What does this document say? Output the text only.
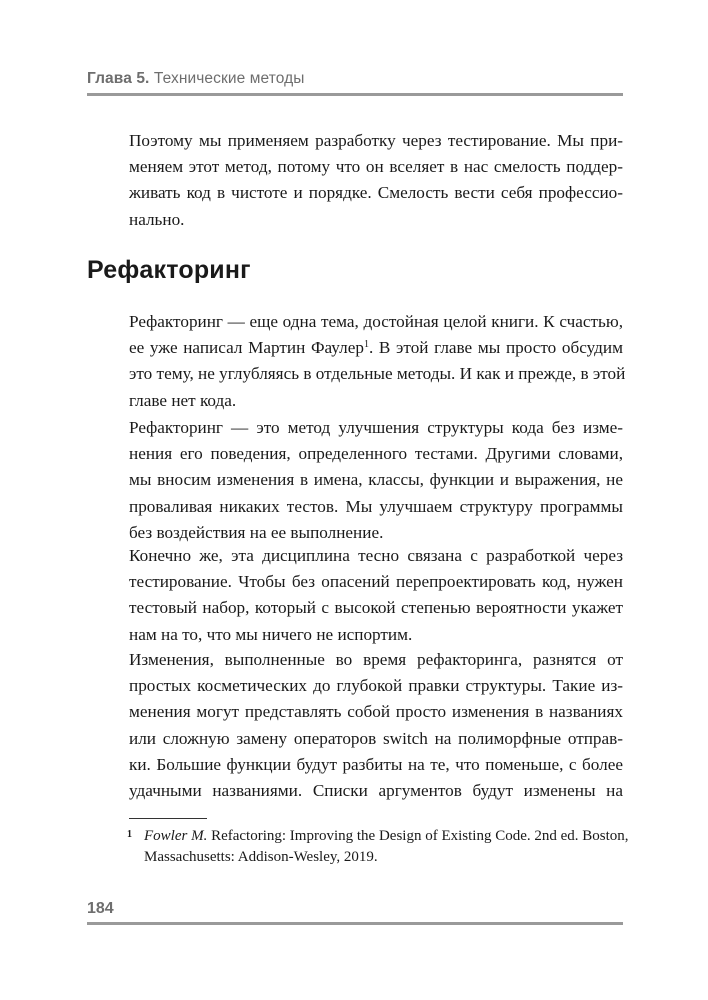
Глава 5. Технические методы

Поэтому мы применяем разработку через тестирование. Мы при-
меняем этот метод, потому что он вселяет в нас смелость поддер-
живать код в чистоте и порядке. Смелость вести себя профессио-
нально.

Рефакторинг

Рефакторинг — еще одна тема, достойная целой книги. К счастью,
ее уже написал Мартин Фаулер$^1$. В этой главе мы просто обсудим
это тему, не углубляясь в отдельные методы. И как и прежде, в этой
главе нет кода.

Рефакторинг — это метод улучшения структуры кода без изме-
нения его поведения, определенного тестами. Другими словами,
мы вносим изменения в имена, классы, функции и выражения, не
проваливая никаких тестов. Мы улучшаем структуру программы
без воздействия на ее выполнение.

Конечно же, эта дисциплина тесно связана с разработкой через
тестирование. Чтобы без опасений перепроектировать код, нужен
тестовый набор, который с высокой степенью вероятности укажет
нам на то, что мы ничего не испортим.

Изменения, выполненные во время рефакторинга, разнятся от
простых косметических до глубокой правки структуры. Такие из-
менения могут представлять собой просто изменения в названиях
или сложную замену операторов switch на полиморфные отправ-
ки. Большие функции будут разбиты на те, что поменьше, с более
удачными названиями. Списки аргументов будут изменены на

1 Fowler M. Refactoring: Improving the Design of Existing Code. 2nd ed. Boston,
Massachusetts: Addison-Wesley, 2019.
184
